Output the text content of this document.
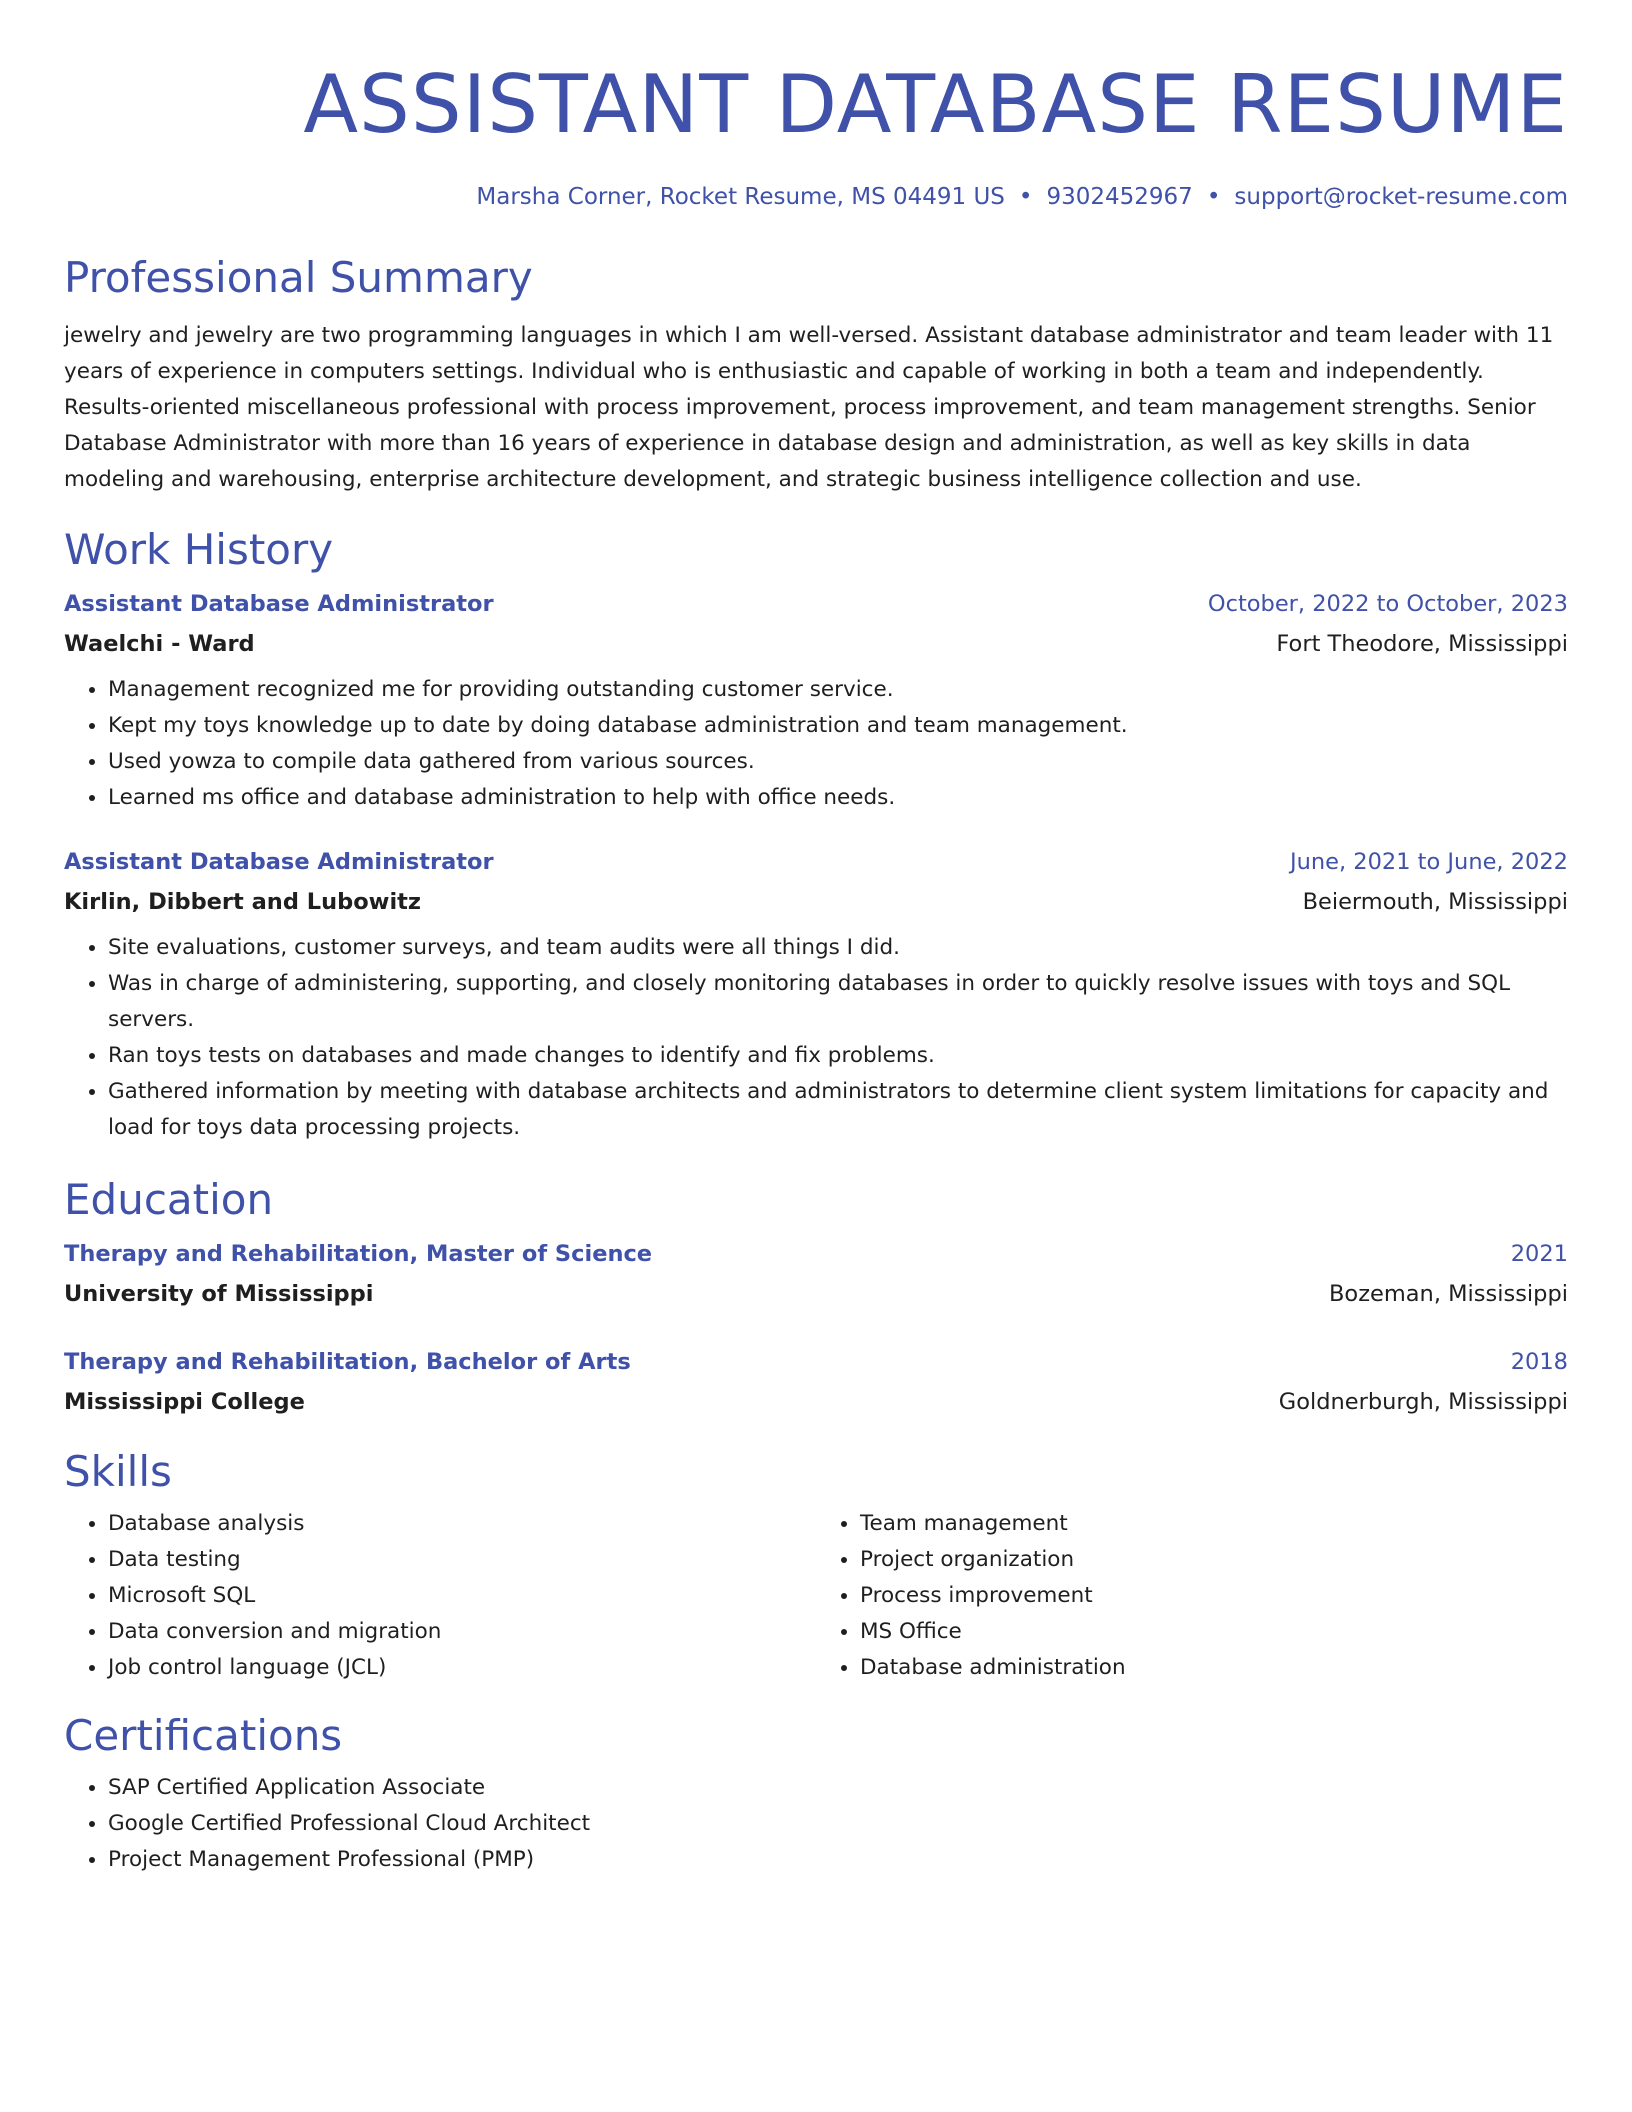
ASSISTANT DATABASE RESUME
Marsha Corner, Rocket Resume, MS 04491 US • 9302452967 • support@rocket-resume.com
Professional Summary

jewelry and jewelry are two programming languages in which I am well-versed. Assistant database administrator and team leader with 11 years of experience in computers settings. Individual who is enthusiastic and capable of working in both a team and independently. Results-oriented miscellaneous professional with process improvement, process improvement, and team management strengths. Senior Database Administrator with more than 16 years of experience in database design and administration, as well as key skills in data modeling and warehousing, enterprise architecture development, and strategic business intelligence collection and use.

Work History
Assistant Database Administrator	October, 2022 to October, 2023
Waelchi - Ward	Fort Theodore, Mississippi
• Management recognized me for providing outstanding customer service.
• Kept my toys knowledge up to date by doing database administration and team management.
• Used yowza to compile data gathered from various sources.
• Learned ms office and database administration to help with office needs.
Assistant Database Administrator	June, 2021 to June, 2022
Kirlin, Dibbert and Lubowitz	Beiermouth, Mississippi
• Site evaluations, customer surveys, and team audits were all things I did.
• Was in charge of administering, supporting, and closely monitoring databases in order to quickly resolve issues with toys and SQL servers.
• Ran toys tests on databases and made changes to identify and fix problems.
• Gathered information by meeting with database architects and administrators to determine client system limitations for capacity and load for toys data processing projects.
Education
Therapy and Rehabilitation, Master of Science	2021
University of Mississippi	Bozeman, Mississippi
Therapy and Rehabilitation, Bachelor of Arts	2018
Mississippi College	Goldnerburgh, Mississippi
Skills
• Database analysis
• Data testing
• Microsoft SQL
• Data conversion and migration
• Job control language (JCL)
• Team management
• Project organization
• Process improvement
• MS Office
• Database administration
Certifications
• SAP Certified Application Associate
• Google Certified Professional Cloud Architect
• Project Management Professional (PMP)
